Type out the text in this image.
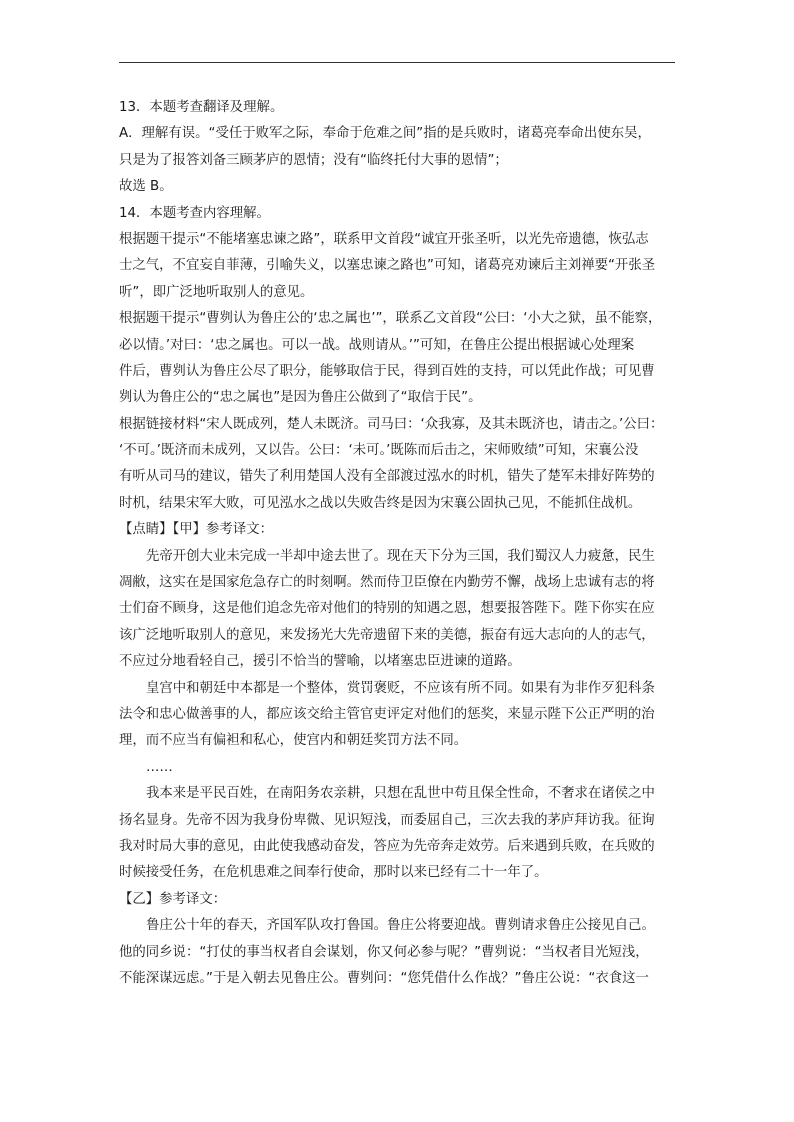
13．本题考查翻译及理解。
A．理解有误。“受任于败军之际，奉命于危难之间”指的是兵败时，诸葛亮奉命出使东吴，
只是为了报答刘备三顾茅庐的恩情；没有“临终托付大事的恩情”；
故选 B。
14．本题考查内容理解。
根据题干提示“不能堵塞忠谏之路”，联系甲文首段“诚宜开张圣听，以光先帝遗德，恢弘志
士之气，不宜妄自菲薄，引喻失义，以塞忠谏之路也”可知，诸葛亮劝谏后主刘禅要“开张圣
听”，即广泛地听取别人的意见。
根据题干提示“曹刿认为鲁庄公的‘忠之属也’”，联系乙文首段“公曰：‘小大之狱，虽不能察，
必以情。’对曰：‘忠之属也。可以一战。战则请从。’”可知，在鲁庄公提出根据诚心处理案
件后，曹刿认为鲁庄公尽了职分，能够取信于民，得到百姓的支持，可以凭此作战；可见曹
刿认为鲁庄公的“忠之属也”是因为鲁庄公做到了“取信于民”。
根据链接材料“宋人既成列，楚人未既济。司马曰：‘众我寡，及其未既济也，请击之。’公曰：
‘不可。’既济而未成列，又以告。公曰：‘未可。’既陈而后击之，宋师败绩”可知，宋襄公没
有听从司马的建议，错失了利用楚国人没有全部渡过泓水的时机，错失了楚军未排好阵势的
时机，结果宋军大败，可见泓水之战以失败告终是因为宋襄公固执己见，不能抓住战机。
【点睛】【甲】参考译文：
先帝开创大业未完成一半却中途去世了。现在天下分为三国，我们蜀汉人力疲惫，民生
凋敝，这实在是国家危急存亡的时刻啊。然而侍卫臣僚在内勤劳不懈，战场上忠诚有志的将
士们奋不顾身，这是他们追念先帝对他们的特别的知遇之恩，想要报答陛下。陛下你实在应
该广泛地听取别人的意见，来发扬光大先帝遗留下来的美德，振奋有远大志向的人的志气，
不应过分地看轻自己，援引不恰当的譬喻，以堵塞忠臣进谏的道路。
皇宫中和朝廷中本都是一个整体，赏罚褒贬，不应该有所不同。如果有为非作歹犯科条
法令和忠心做善事的人，都应该交给主管官吏评定对他们的惩奖，来显示陛下公正严明的治
理，而不应当有偏袒和私心，使宫内和朝廷奖罚方法不同。
……
我本来是平民百姓，在南阳务农亲耕，只想在乱世中苟且保全性命，不奢求在诸侯之中
扬名显身。先帝不因为我身份卑微、见识短浅，而委屈自己，三次去我的茅庐拜访我。征询
我对时局大事的意见，由此使我感动奋发，答应为先帝奔走效劳。后来遇到兵败，在兵败的
时候接受任务，在危机患难之间奉行使命，那时以来已经有二十一年了。
【乙】参考译文：
鲁庄公十年的春天，齐国军队攻打鲁国。鲁庄公将要迎战。曹刿请求鲁庄公接见自己。
他的同乡说：“打仗的事当权者自会谋划，你又何必参与呢？”曹刿说：“当权者目光短浅，
不能深谋远虑。”于是入朝去见鲁庄公。曹刿问：“您凭借什么作战？”鲁庄公说：“衣食这一
